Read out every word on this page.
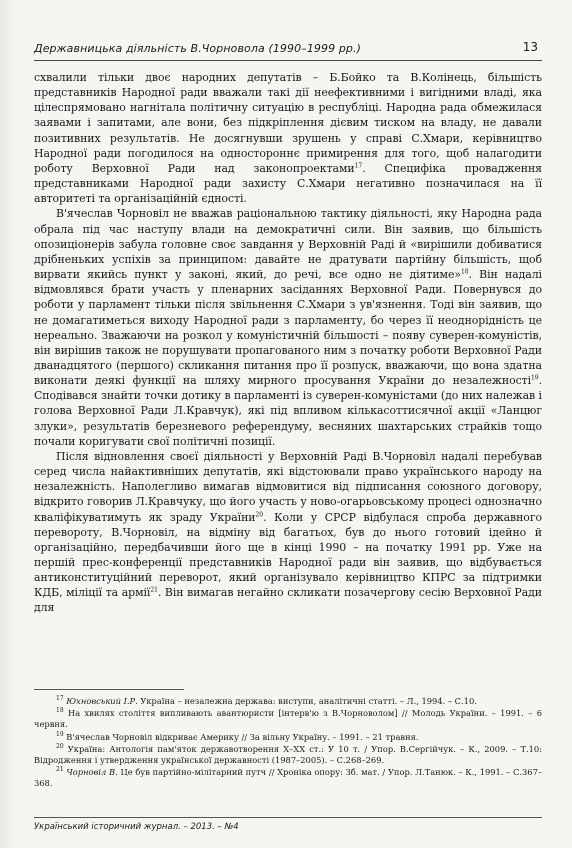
Державницька діяльність В.Чорновола (1990–1999 рр.)	13

схвалили тільки двоє народних депутатів – Б.Бойко та В.Колінець, більшість представників Народної ради вважали такі дії неефективними і вигідними владі, яка цілеспрямовано нагнітала політичну ситуацію в республіці. Народна рада обмежилася заявами і запитами, але вони, без підкріплення дієвим тиском на владу, не давали позитивних результатів. Не досягнувши зрушень у справі С.Хмари, керівництво Народної ради погодилося на одностороннє примирення для того, щоб налагодити роботу Верховної Ради над законопроектами$^{17}$. Специфіка провадження представниками Народної ради захисту С.Хмари негативно позначилася на її авторитеті та організаційній єдності.

В'ячеслав Чорновіл не вважав раціональною тактику діяльності, яку Народна рада обрала під час наступу влади на демократичні сили. Він заявив, що більшість опозиціонерів забула головне своє завдання у Верховній Раді й «вирішили добиватися дрібненьких успіхів за принципом: давайте не дратувати партійну більшість, щоб вирвати якийсь пункт у законі, який, до речі, все одно не діятиме»$^{18}$. Він надалі відмовлявся брати участь у пленарних засіданнях Верховної Ради. Повернувся до роботи у парламент тільки після звільнення С.Хмари з ув'язнення. Тоді він заявив, що не домагатиметься виходу Народної ради з парламенту, бо через її неоднорідність це нереально. Зважаючи на розкол у комуністичній більшості – появу суверен-комуністів, він вирішив також не порушувати пропагованого ним з початку роботи Верховної Ради дванадцятого (першого) скликання питання про її розпуск, вважаючи, що вона здатна виконати деякі функції на шляху мирного просування України до незалежності$^{19}$. Сподівався знайти точки дотику в парламенті із суверен-комуністами (до них належав і голова Верховної Ради Л.Кравчук), які під впливом кількасоттисячної акції «Ланцюг злуки», результатів березневого референдуму, весняних шахтарських страйків тощо почали коригувати свої політичні позиції.

Після відновлення своєї діяльності у Верховній Раді В.Чорновіл надалі перебував серед числа найактивніших депутатів, які відстоювали право українського народу на незалежність. Наполегливо вимагав відмовитися від підписання союзного договору, відкрито говорив Л.Кравчуку, що його участь у ново-огарьовському процесі однозначно кваліфікуватимуть як зраду України$^{20}$. Коли у СРСР відбулася спроба державного перевороту, В.Чорновіл, на відміну від багатьох, був до нього готовий ідейно й організаційно, передбачивши його ще в кінці 1990 – на початку 1991 рр. Уже на першій прес-конференції представників Народної ради він заявив, що відбувається антиконституційний переворот, який організувало керівництво КПРС за підтримки КДБ, міліції та армії$^{21}$. Він вимагав негайно скликати позачергову сесію Верховної Ради для

$^{17}$ Юхновський І.Р. Україна – незалежна держава: виступи, аналітичні статті. – Л., 1994. – С.10.

$^{18}$ На хвилях століття випливають авантюристи [інтерв'ю з В.Чорноволом] // Молодь України. – 1991. – 6 червня.

$^{19}$ В'ячеслав Чорновіл відкриває Америку // За вільну Україну. – 1991. – 21 травня.

$^{20}$ Україна: Антологія пам'яток державотворення Х–ХХ ст.: У 10 т. / Упор. В.Сергійчук. – К., 2009. – Т.10: Відродження і утвердження української державності (1987–2005). – С.268–269.

$^{21}$ Чорновіл В. Це був партійно-мілітарний путч // Хроніка опору: Зб. мат. / Упор. Л.Танюк. – К., 1991. – С.367–368.

Український історичний журнал. – 2013. – №4
